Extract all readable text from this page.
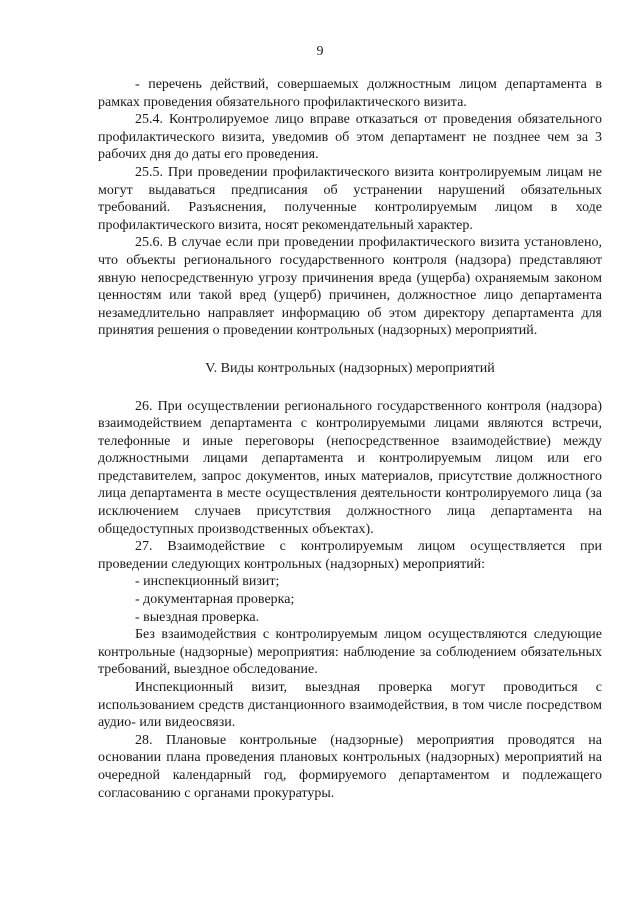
9

- перечень действий, совершаемых должностным лицом департамента в рамках проведения обязательного профилактического визита.

25.4. Контролируемое лицо вправе отказаться от проведения обязательного профилактического визита, уведомив об этом департамент не позднее чем за 3 рабочих дня до даты его проведения.

25.5. При проведении профилактического визита контролируемым лицам не могут выдаваться предписания об устранении нарушений обязательных требований. Разъяснения, полученные контролируемым лицом в ходе профилактического визита, носят рекомендательный характер.

25.6. В случае если при проведении профилактического визита установлено, что объекты регионального государственного контроля (надзора) представляют явную непосредственную угрозу причинения вреда (ущерба) охраняемым законом ценностям или такой вред (ущерб) причинен, должностное лицо департамента незамедлительно направляет информацию об этом директору департамента для принятия решения о проведении контрольных (надзорных) мероприятий.

V. Виды контрольных (надзорных) мероприятий

26. При осуществлении регионального государственного контроля (надзора) взаимодействием департамента с контролируемыми лицами являются встречи, телефонные и иные переговоры (непосредственное взаимодействие) между должностными лицами департамента и контролируемым лицом или его представителем, запрос документов, иных материалов, присутствие должностного лица департамента в месте осуществления деятельности контролируемого лица (за исключением случаев присутствия должностного лица департамента на общедоступных производственных объектах).

27. Взаимодействие с контролируемым лицом осуществляется при проведении следующих контрольных (надзорных) мероприятий:

- инспекционный визит;

- документарная проверка;

- выездная проверка.

Без взаимодействия с контролируемым лицом осуществляются следующие контрольные (надзорные) мероприятия: наблюдение за соблюдением обязательных требований, выездное обследование.

Инспекционный визит, выездная проверка могут проводиться с использованием средств дистанционного взаимодействия, в том числе посредством аудио- или видеосвязи.

28. Плановые контрольные (надзорные) мероприятия проводятся на основании плана проведения плановых контрольных (надзорных) мероприятий на очередной календарный год, формируемого департаментом и подлежащего согласованию с органами прокуратуры.
